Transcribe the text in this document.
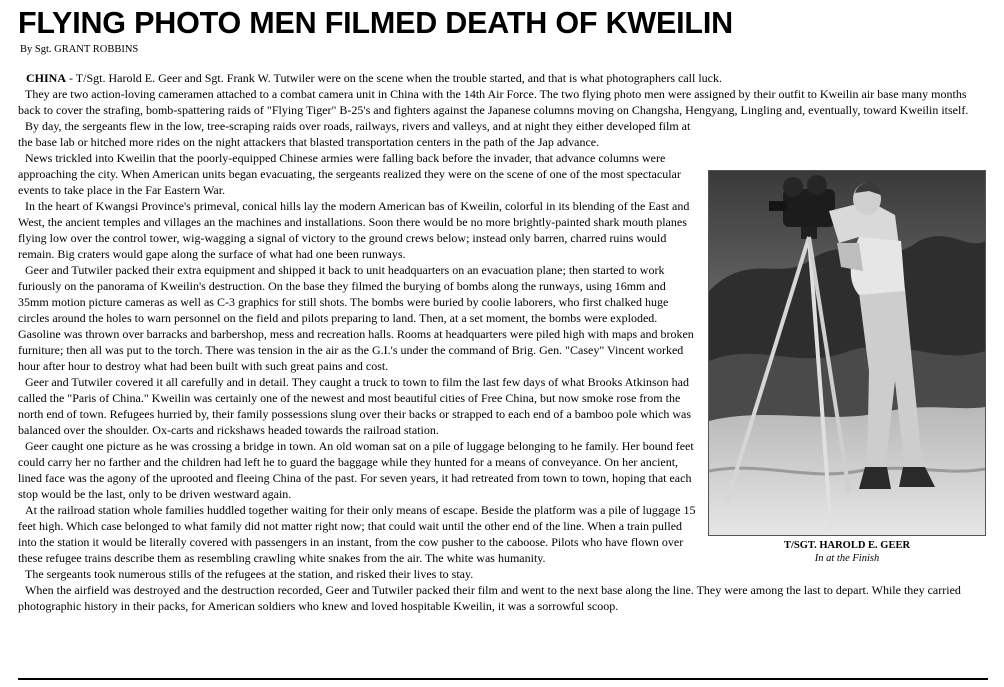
FLYING PHOTO MEN FILMED DEATH OF KWEILIN
By Sgt. GRANT ROBBINS

CHINA - T/Sgt. Harold E. Geer and Sgt. Frank W. Tutwiler were on the scene when the trouble started, and that is what photographers call luck.

They are two action-loving cameramen attached to a combat camera unit in China with the 14th Air Force. The two flying photo men were assigned by their outfit to Kweilin air base many months back to cover the strafing, bomb-spattering raids of "Flying Tiger" B-25's and fighters against the Japanese columns moving on Changsha, Hengyang, Lingling and, eventually, toward Kweilin itself.

T/SGT. HAROLD E. GEER
In at the Finish

By day, the sergeants flew in the low, tree-scraping raids over roads, railways, rivers and valleys, and at night they either developed film at the base lab or hitched more rides on the night attackers that blasted transportation centers in the path of the Jap advance.

News trickled into Kweilin that the poorly-equipped Chinese armies were falling back before the invader, that advance columns were approaching the city. When American units began evacuating, the sergeants realized they were on the scene of one of the most spectacular events to take place in the Far Eastern War.

In the heart of Kwangsi Province's primeval, conical hills lay the modern American bas of Kweilin, colorful in its blending of the East and West, the ancient temples and villages an the machines and installations. Soon there would be no more brightly-painted shark mouth planes flying low over the control tower, wig-wagging a signal of victory to the ground crews below; instead only barren, charred ruins would remain. Big craters would gape along the surface of what had one been runways.

Geer and Tutwiler packed their extra equipment and shipped it back to unit headquarters on an evacuation plane; then started to work furiously on the panorama of Kweilin's destruction. On the base they filmed the burying of bombs along the runways, using 16mm and 35mm motion picture cameras as well as C-3 graphics for still shots. The bombs were buried by coolie laborers, who first chalked huge circles around the holes to warn personnel on the field and pilots preparing to land. Then, at a set moment, the bombs were exploded. Gasoline was thrown over barracks and barbershop, mess and recreation halls. Rooms at headquarters were piled high with maps and broken furniture; then all was put to the torch. There was tension in the air as the G.I.'s under the command of Brig. Gen. "Casey" Vincent worked hour after hour to destroy what had been built with such great pains and cost.

Geer and Tutwiler covered it all carefully and in detail. They caught a truck to town to film the last few days of what Brooks Atkinson had called the "Paris of China." Kweilin was certainly one of the newest and most beautiful cities of Free China, but now smoke rose from the north end of town. Refugees hurried by, their family possessions slung over their backs or strapped to each end of a bamboo pole which was balanced over the shoulder. Ox-carts and rickshaws headed towards the railroad station.

Geer caught one picture as he was crossing a bridge in town. An old woman sat on a pile of luggage belonging to he family. Her bound feet could carry her no farther and the children had left he to guard the baggage while they hunted for a means of conveyance. On her ancient, lined face was the agony of the uprooted and fleeing China of the past. For seven years, it had retreated from town to town, hoping that each stop would be the last, only to be driven westward again.

At the railroad station whole families huddled together waiting for their only means of escape. Beside the platform was a pile of luggage 15 feet high. Which case belonged to what family did not matter right now; that could wait until the other end of the line. When a train pulled into the station it would be literally covered with passengers in an instant, from the cow pusher to the caboose. Pilots who have flown over these refugee trains describe them as resembling crawling white snakes from the air. The white was humanity.

The sergeants took numerous stills of the refugees at the station, and risked their lives to stay.

When the airfield was destroyed and the destruction recorded, Geer and Tutwiler packed their film and went to the next base along the line. They were among the last to depart. While they carried photographic history in their packs, for American soldiers who knew and loved hospitable Kweilin, it was a sorrowful scoop.
